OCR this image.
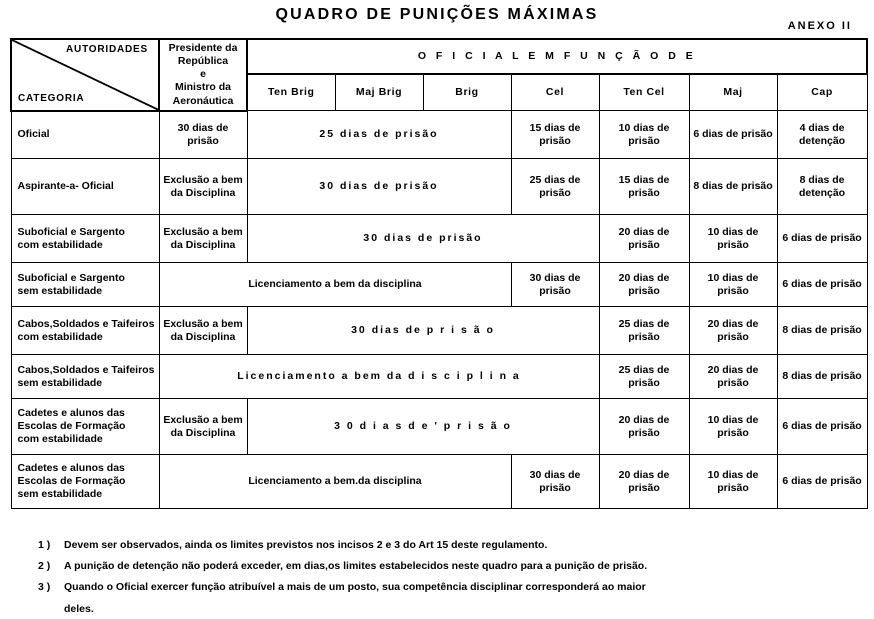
QUADRO DE PUNIÇÕES MÁXIMAS
ANEXO II
AUTORIDADES
CATEGORIA

Presidente da
República
e
Ministro da
Aeronáutica
	O F I C I A L E M F U N Ç Ã O D E
		Ten Brig	Maj Brig	Brig	Cel	Ten Cel	Maj	Cap

Oficial	30 dias de prisão	25 dias de prisão			15 dias de prisão	10 dias de prisão	6 dias de prisão	4 dias de detenção

Aspirante-a- Oficial	Exclusão a bem da Disciplina	30 dias de prisão			25 dias de prisão	15 dias de prisão	8 dias de prisão	8 dias de detenção

Suboficial e Sargento
com estabilidade	Exclusão a bem da Disciplina	30 dias de prisão				20 dias de prisão	10 dias de prisão	6 dias de prisão

Suboficial e Sargento
sem estabilidade	Licenciamento a bem da disciplina				30 dias de prisão	20 dias de prisão	10 dias de prisão	6 dias de prisão

Cabos,Soldados e Taifeiros
com estabilidade	Exclusão a bem da Disciplina	30 dias de p r i s ã o				25 dias de prisão	20 dias de prisão	8 dias de prisão

Cabos,Soldados e Taifeiros
sem estabilidade	Licenciamento a bem da d i s c i p l i n a					25 dias de prisão	20 dias de prisão	8 dias de prisão

Cadetes e alunos das
Escolas de Formação
com estabilidade	Exclusão a bem da Disciplina	3 0 d i a s d e ' p r i s ã o				20 dias de prisão	10 dias de prisão	6 dias de prisão

Cadetes e alunos das
Escolas de Formação
sem estabilidade	Licenciamento a bem.da disciplina				30 dias de prisão	20 dias de prisão	10 dias de prisão	6 dias de prisão
1 )	Devem ser observados, ainda os limites previstos nos incisos 2 e 3 do Art 15 deste regulamento.
2 )	A punição de detenção não poderá exceder, em dias,os limites estabelecidos neste quadro para a punição de prisão.
3 )	Quando o Oficial exercer função atribuível a mais de um posto, sua competência disciplinar corresponderá ao maior
deles.
